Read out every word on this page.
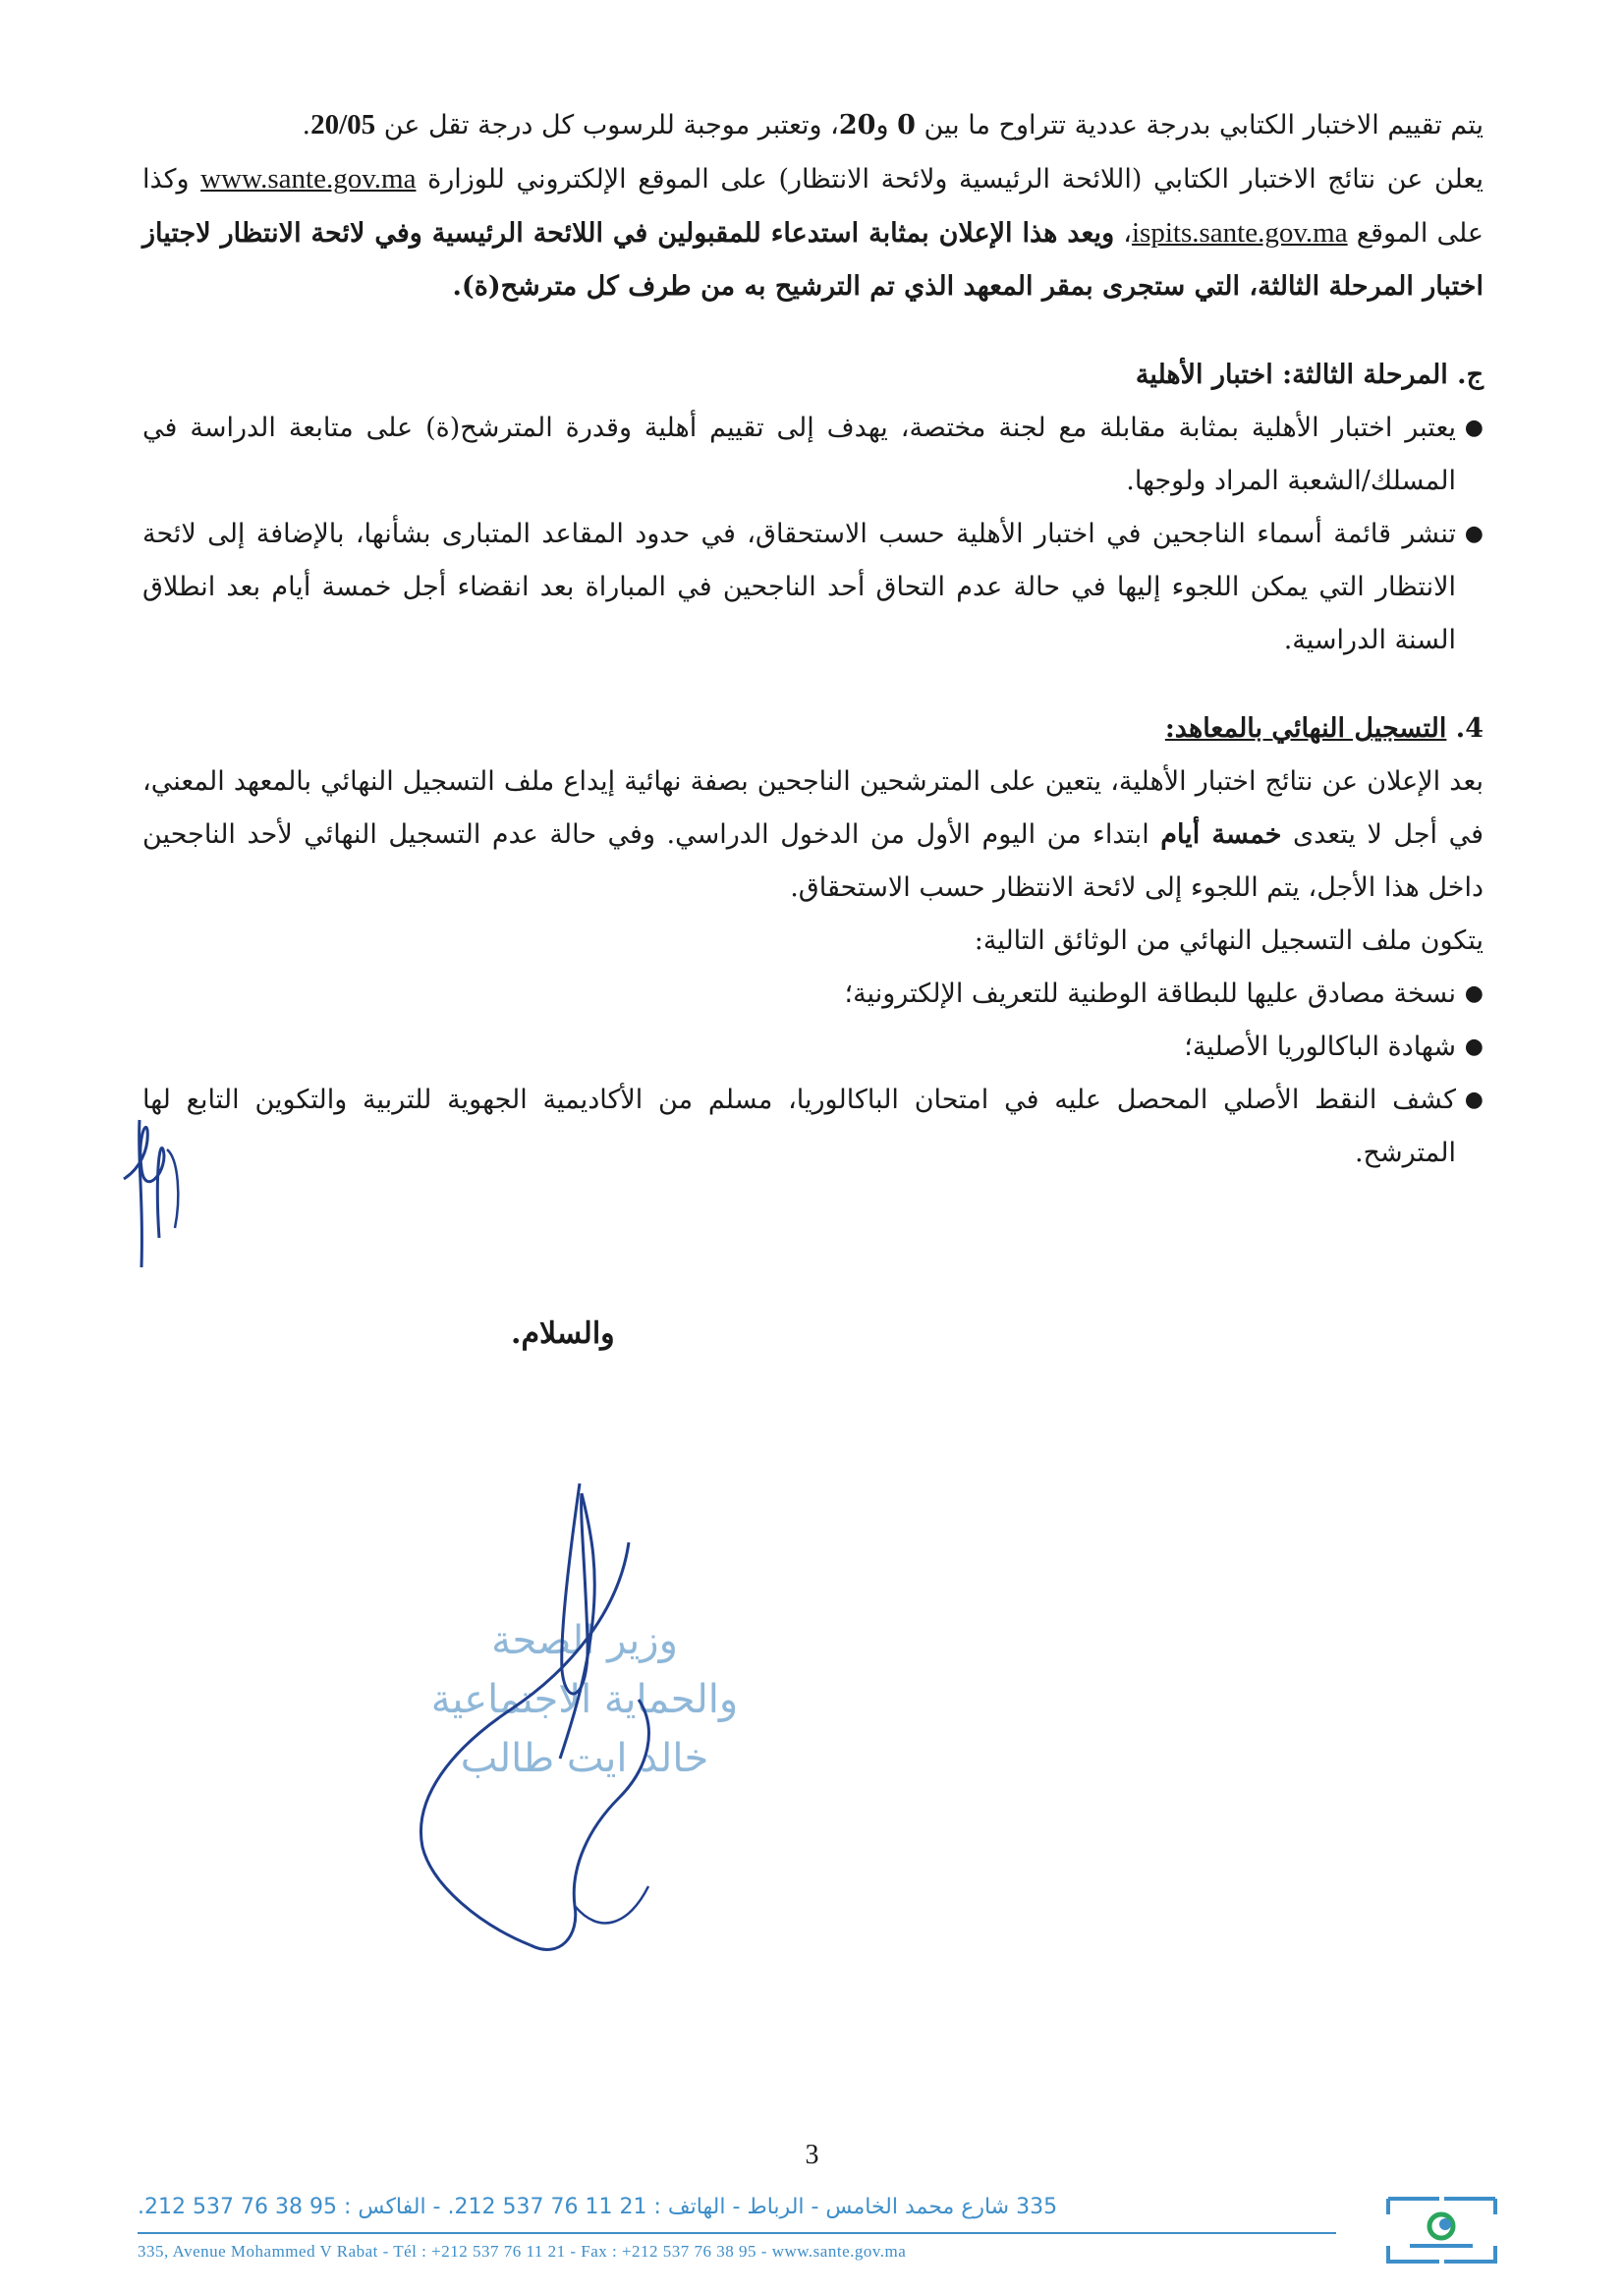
يتم تقييم الاختبار الكتابي بدرجة عددية تتراوح ما بين 0 و20، وتعتبر موجبة للرسوب كل درجة تقل عن 20/05.

يعلن عن نتائج الاختبار الكتابي (اللائحة الرئيسية ولائحة الانتظار) على الموقع الإلكتروني للوزارة www.sante.gov.ma وكذا على الموقع ispits.sante.gov.ma، ويعد هذا الإعلان بمثابة استدعاء للمقبولين في اللائحة الرئيسية وفي لائحة الانتظار لاجتياز اختبار المرحلة الثالثة، التي ستجرى بمقر المعهد الذي تم الترشيح به من طرف كل مترشح(ة).

ج. المرحلة الثالثة: اختبار الأهلية

●
يعتبر اختبار الأهلية بمثابة مقابلة مع لجنة مختصة، يهدف إلى تقييم أهلية وقدرة المترشح(ة) على متابعة الدراسة في المسلك/الشعبة المراد ولوجها.
●
تنشر قائمة أسماء الناجحين في اختبار الأهلية حسب الاستحقاق، في حدود المقاعد المتبارى بشأنها، بالإضافة إلى لائحة الانتظار التي يمكن اللجوء إليها في حالة عدم التحاق أحد الناجحين في المباراة بعد انقضاء أجل خمسة أيام بعد انطلاق السنة الدراسية.

4. التسجيل النهائي بالمعاهد:

بعد الإعلان عن نتائج اختبار الأهلية، يتعين على المترشحين الناجحين بصفة نهائية إيداع ملف التسجيل النهائي بالمعهد المعني، في أجل لا يتعدى خمسة أيام ابتداء من اليوم الأول من الدخول الدراسي. وفي حالة عدم التسجيل النهائي لأحد الناجحين داخل هذا الأجل، يتم اللجوء إلى لائحة الانتظار حسب الاستحقاق.

يتكون ملف التسجيل النهائي من الوثائق التالية:

●
نسخة مصادق عليها للبطاقة الوطنية للتعريف الإلكترونية؛
●
شهادة الباكالوريا الأصلية؛
●
كشف النقط الأصلي المحصل عليه في امتحان الباكالوريا، مسلم من الأكاديمية الجهوية للتربية والتكوين التابع لها المترشح.
والسلام.
وزير الصحة
والحماية الاجتماعية
خالد ايت طالب
3
335 شارع محمد الخامس - الرباط - الهاتف : 21 11 76 537 212. - الفاكس : 95 38 76 537 212.
335, Avenue Mohammed V Rabat - Tél : +212 537 76 11 21 - Fax : +212 537 76 38 95 - www.sante.gov.ma
